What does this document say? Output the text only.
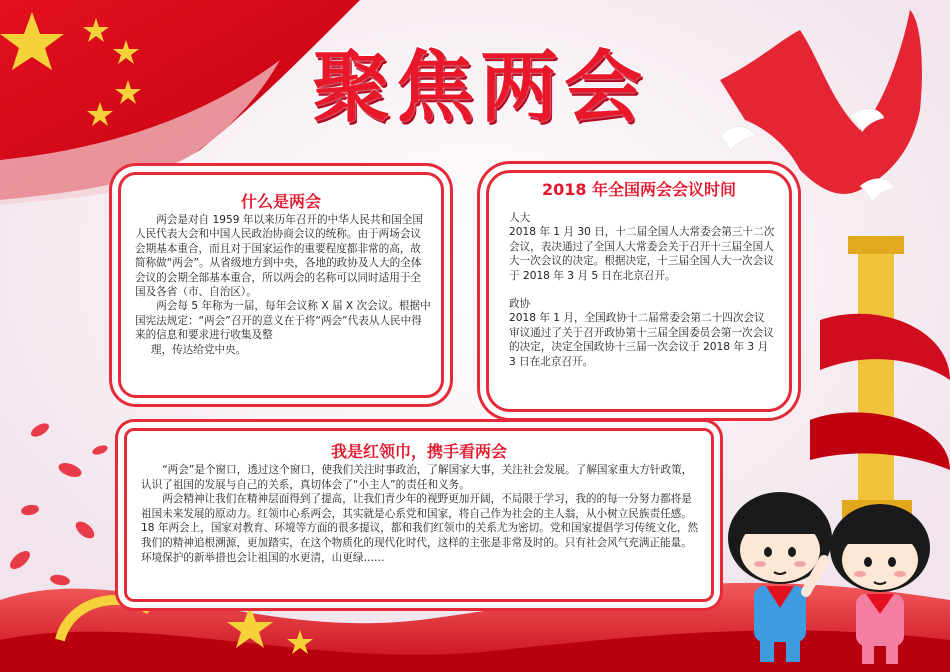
聚焦两会
什么是两会

两会是对自 1959 年以来历年召开的中华人民共和国全国人民代表大会和中国人民政治协商会议的统称。由于两场会议会期基本重合，而且对于国家运作的重要程度都非常的高，故简称做“两会”。从省级地方到中央，各地的政协及人大的全体会议的会期全部基本重合，所以两会的名称可以同时适用于全国及各省（市、自治区）。

两会每 5 年称为一届，每年会议称 X 届 X 次会议。根据中国宪法规定：“两会”召开的意义在于将“两会”代表从人民中得来的信息和要求进行收集及整

理，传达给党中央。

2018 年全国两会会议时间

人大

2018 年 1 月 30 日，十二届全国人大常委会第三十二次会议，表决通过了全国人大常委会关于召开十三届全国人大一次会议的决定。根据决定，十三届全国人大一次会议于 2018 年 3 月 5 日在北京召开。

政协

2018 年 1 月，全国政协十二届常委会第二十四次会议审议通过了关于召开政协第十三届全国委员会第一次会议的决定，决定全国政协十三届一次会议于 2018 年 3 月 3 日在北京召开。

我是红领巾，携手看两会

“两会”是个窗口，透过这个窗口，使我们关注时事政治，了解国家大事，关注社会发展。了解国家重大方针政策，认识了祖国的发展与自己的关系，真切体会了“小主人”的责任和义务。

两会精神让我们在精神层面得到了提高，让我们青少年的视野更加开阔，不局限于学习，我的的每一分努力都将是祖国未来发展的原动力。红领巾心系两会，其实就是心系党和国家，将自己作为社会的主人翁，从小树立民族责任感。18 年两会上，国家对教育、环境等方面的很多提议，都和我们红领巾的关系尤为密切。党和国家提倡学习传统文化，然我们的精神追根溯源，更加踏实，在这个物质化的现代化时代，这样的主张是非常及时的。只有社会风气充满正能量。环境保护的新举措也会让祖国的水更清，山更绿……
